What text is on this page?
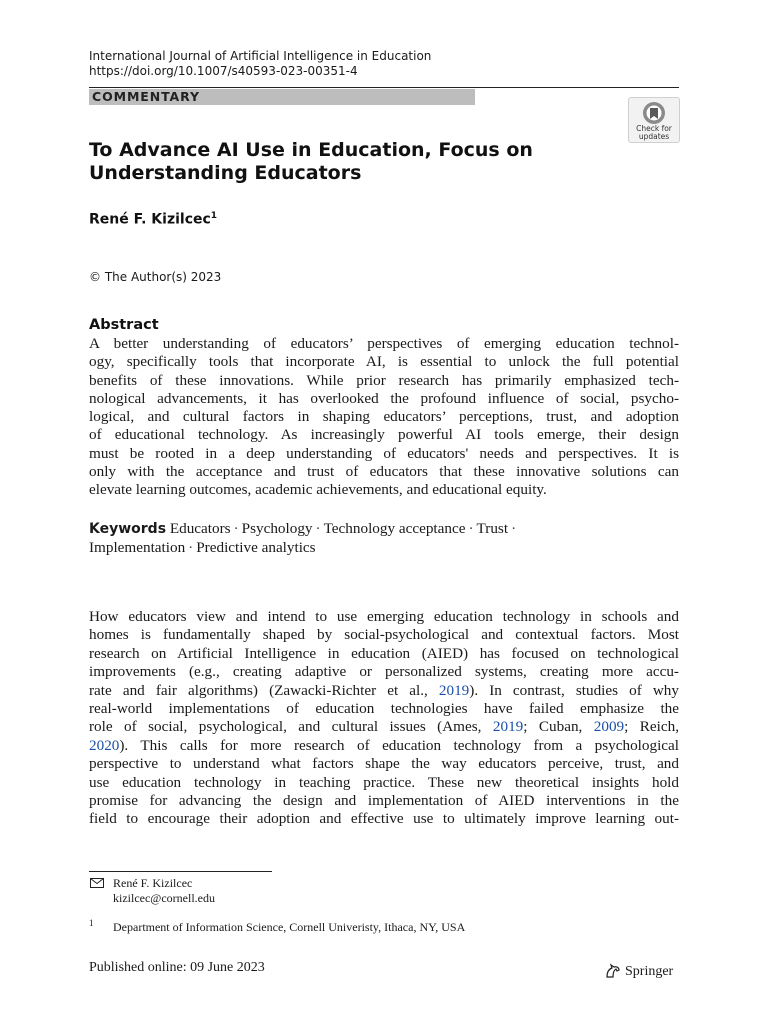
International Journal of Artificial Intelligence in Education
https://doi.org/10.1007/s40593-023-00351-4
COMMENTARY
Check for
updates
To Advance AI Use in Education, Focus on Understanding Educators
René F. Kizilcec$^1$
© The Author(s) 2023
Abstract
A better understanding of educators’ perspectives of emerging education technol-
ogy, specifically tools that incorporate AI, is essential to unlock the full potential
benefits of these innovations. While prior research has primarily emphasized tech-
nological advancements, it has overlooked the profound influence of social, psycho-
logical, and cultural factors in shaping educators’ perceptions, trust, and adoption
of educational technology. As increasingly powerful AI tools emerge, their design
must be rooted in a deep understanding of educators' needs and perspectives. It is
only with the acceptance and trust of educators that these innovative solutions can
elevate learning outcomes, academic achievements, and educational equity.
Keywords Educators · Psychology · Technology acceptance · Trust ·
Implementation · Predictive analytics
How educators view and intend to use emerging education technology in schools and
homes is fundamentally shaped by social-psychological and contextual factors. Most
research on Artificial Intelligence in education (AIED) has focused on technological
improvements (e.g., creating adaptive or personalized systems, creating more accu-
rate and fair algorithms) (Zawacki-Richter et al., 2019). In contrast, studies of why
real-world implementations of education technologies have failed emphasize the
role of social, psychological, and cultural issues (Ames, 2019; Cuban, 2009; Reich,
2020). This calls for more research of education technology from a psychological
perspective to understand what factors shape the way educators perceive, trust, and
use education technology in teaching practice. These new theoretical insights hold
promise for advancing the design and implementation of AIED interventions in the
field to encourage their adoption and effective use to ultimately improve learning out-
René F. Kizilcec
kizilcec@cornell.edu
1 Department of Information Science, Cornell Univeristy, Ithaca, NY, USA
Published online: 09 June 2023	Springer
